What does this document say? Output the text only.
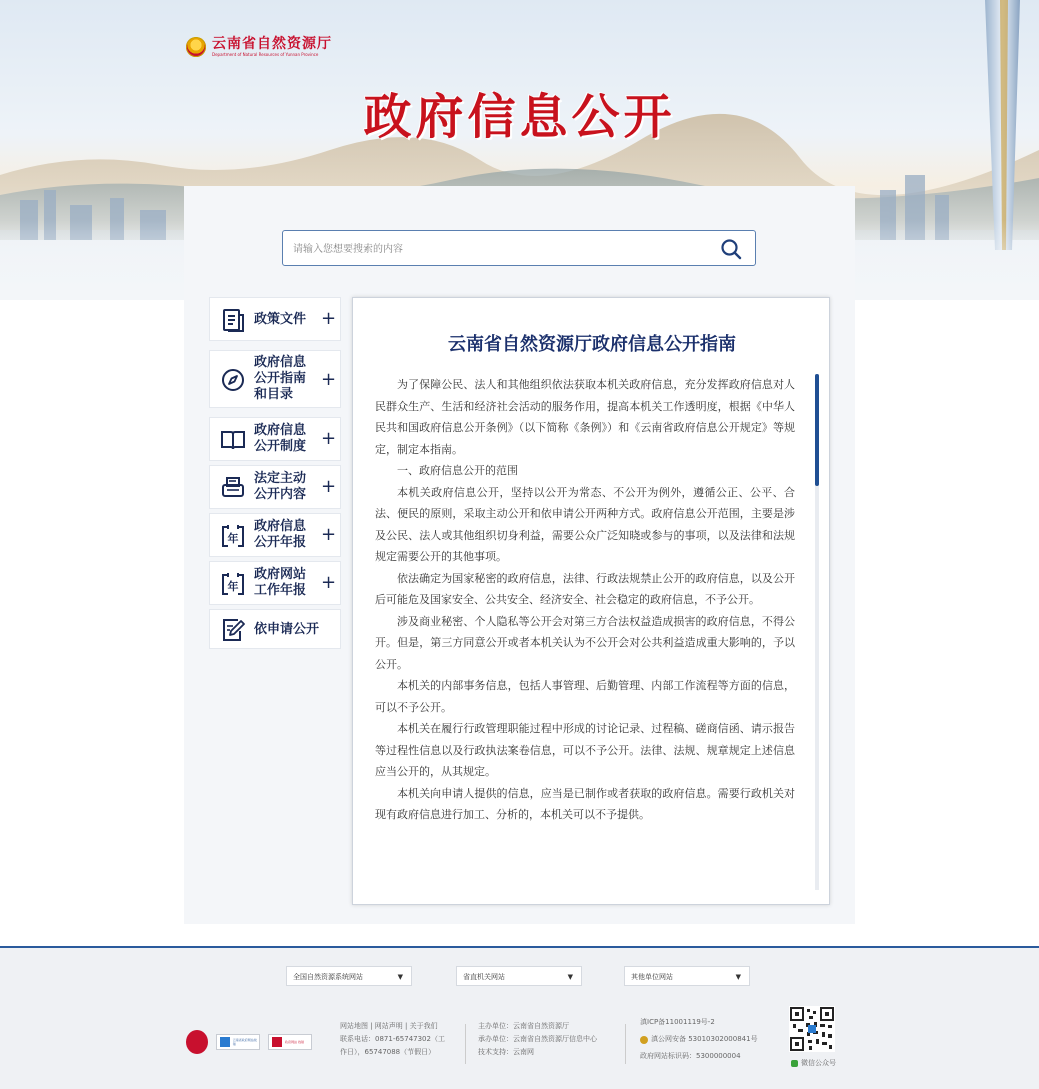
云南省自然资源厅
Department of Natural Resources of Yunnan Province
政府信息公开
请输入您想要搜索的内容
政策文件 +
政府信息
公开指南
和目录
+
政府信息
公开制度 +
法定主动
公开内容 +
年
政府信息
公开年报 +
年
政府网站
工作年报 +
依申请公开
云南省自然资源厅政府信息公开指南

为了保障公民、法人和其他组织依法获取本机关政府信息，充分发挥政府信息对人民群众生产、生活和经济社会活动的服务作用，提高本机关工作透明度，根据《中华人民共和国政府信息公开条例》（以下简称《条例》）和《云南省政府信息公开规定》等规定，制定本指南。

一、政府信息公开的范围

本机关政府信息公开，坚持以公开为常态、不公开为例外，遵循公正、公平、合法、便民的原则，采取主动公开和依申请公开两种方式。政府信息公开范围，主要是涉及公民、法人或其他组织切身利益，需要公众广泛知晓或参与的事项，以及法律和法规规定需要公开的其他事项。

依法确定为国家秘密的政府信息，法律、行政法规禁止公开的政府信息，以及公开后可能危及国家安全、公共安全、经济安全、社会稳定的政府信息，不予公开。

涉及商业秘密、个人隐私等公开会对第三方合法权益造成损害的政府信息，不得公开。但是，第三方同意公开或者本机关认为不公开会对公共利益造成重大影响的，予以公开。

本机关的内部事务信息，包括人事管理、后勤管理、内部工作流程等方面的信息，可以不予公开。

本机关在履行行政管理职能过程中形成的讨论记录、过程稿、磋商信函、请示报告等过程性信息以及行政执法案卷信息，可以不予公开。法律、法规、规章规定上述信息应当公开的，从其规定。

本机关向申请人提供的信息，应当是已制作或者获取的政府信息。需要行政机关对现有政府信息进行加工、分析的，本机关可以不予提供。

全国自然资源系统网站	▼	省直机关网站	▼	其他单位网站	▼
云南省政府网站找错	政府网站 找错
网站地图 | 网站声明 | 关于我们
联系电话：0871-65747302（工
作日），65747088（节假日）
主办单位：云南省自然资源厅
承办单位：云南省自然资源厅信息中心
技术支持：云南网
滇ICP备11001119号-2
滇公网安备 53010302000841号
政府网站标识码：5300000004
微信公众号
